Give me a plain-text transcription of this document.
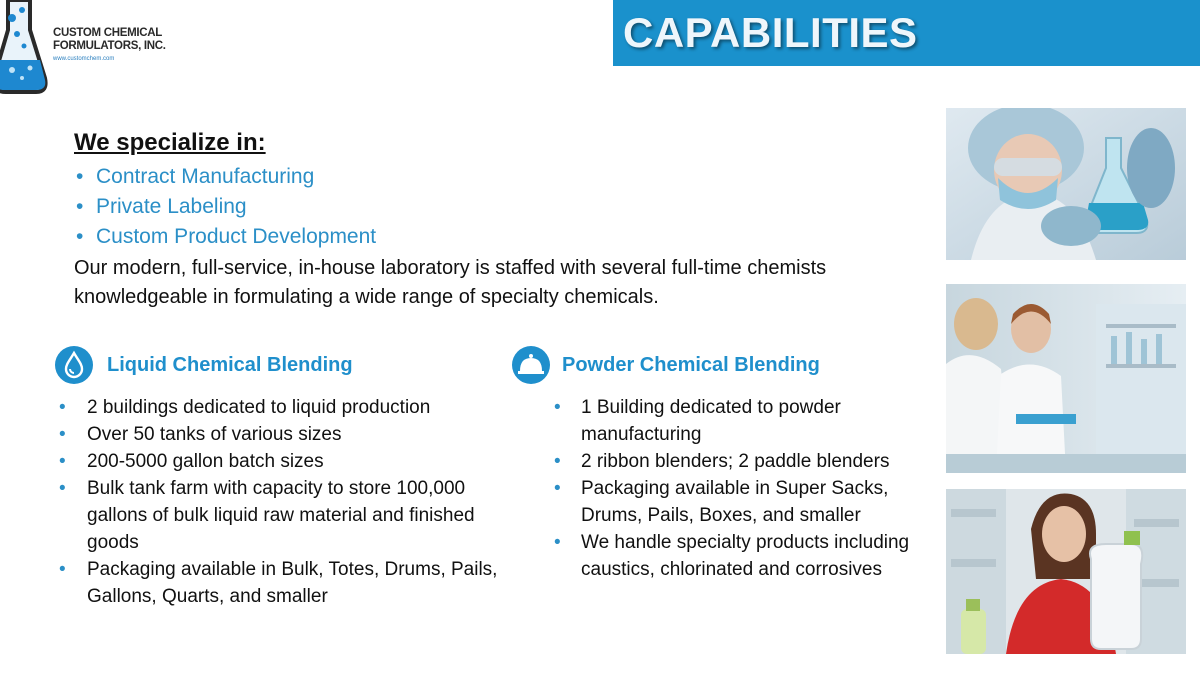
CUSTOM CHEMICAL FORMULATORS, INC.
www.customchem.com
CAPABILITIES
We specialize in:
• Contract Manufacturing
• Private Labeling
• Custom Product Development

Our modern, full-service, in-house laboratory is staffed with several full-time chemists knowledgeable in formulating a wide range of specialty chemicals.

Liquid Chemical Blending
• 2 buildings dedicated to liquid production
• Over 50 tanks of various sizes
• 200-5000 gallon batch sizes
• Bulk tank farm with capacity to store 100,000 gallons of bulk liquid raw material and finished goods
• Packaging available in Bulk, Totes, Drums, Pails, Gallons, Quarts, and smaller
Powder Chemical Blending
• 1 Building dedicated to powder manufacturing
• 2 ribbon blenders; 2 paddle blenders
• Packaging available in Super Sacks, Drums, Pails, Boxes, and smaller
• We handle specialty products including caustics, chlorinated and corrosives
